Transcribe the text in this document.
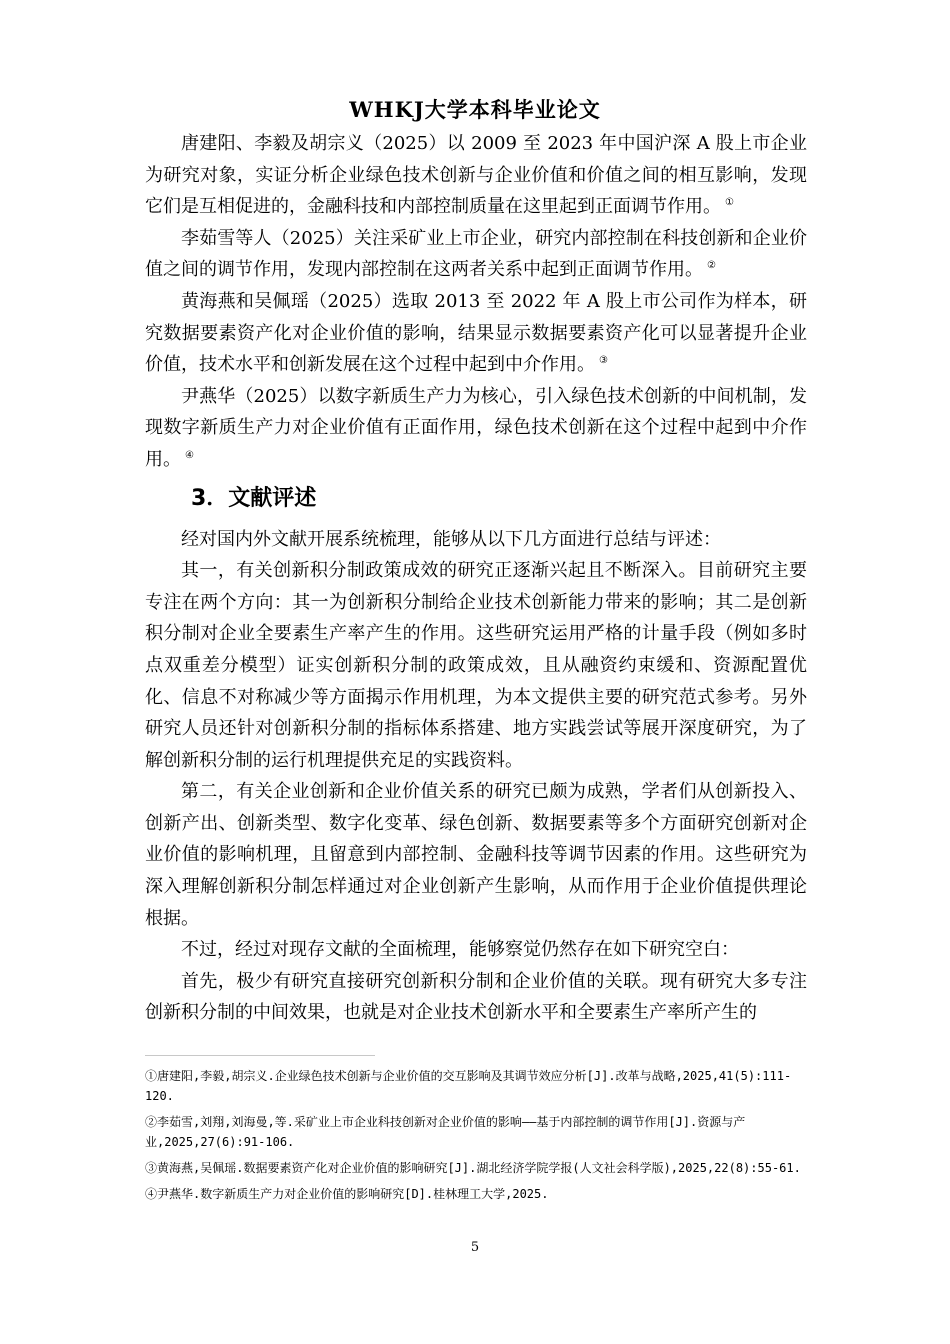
WHKJ大学本科毕业论文

唐建阳、李毅及胡宗义（2025）以 2009 至 2023 年中国沪深 A 股上市企业为研究对象，实证分析企业绿色技术创新与企业价值和价值之间的相互影响，发现它们是互相促进的，金融科技和内部控制质量在这里起到正面调节作用。 ①

李茹雪等人（2025）关注采矿业上市企业，研究内部控制在科技创新和企业价值之间的调节作用，发现内部控制在这两者关系中起到正面调节作用。 ②

黄海燕和吴佩瑶（2025）选取 2013 至 2022 年 A 股上市公司作为样本，研究数据要素资产化对企业价值的影响，结果显示数据要素资产化可以显著提升企业价值，技术水平和创新发展在这个过程中起到中介作用。 ③

尹燕华（2025）以数字新质生产力为核心，引入绿色技术创新的中间机制，发现数字新质生产力对企业价值有正面作用，绿色技术创新在这个过程中起到中介作用。 ④

3．文献评述

经对国内外文献开展系统梳理，能够从以下几方面进行总结与评述：

其一，有关创新积分制政策成效的研究正逐渐兴起且不断深入。目前研究主要专注在两个方向：其一为创新积分制给企业技术创新能力带来的影响；其二是创新积分制对企业全要素生产率产生的作用。这些研究运用严格的计量手段（例如多时点双重差分模型）证实创新积分制的政策成效，且从融资约束缓和、资源配置优化、信息不对称减少等方面揭示作用机理，为本文提供主要的研究范式参考。另外研究人员还针对创新积分制的指标体系搭建、地方实践尝试等展开深度研究，为了解创新积分制的运行机理提供充足的实践资料。

第二，有关企业创新和企业价值关系的研究已颇为成熟，学者们从创新投入、创新产出、创新类型、数字化变革、绿色创新、数据要素等多个方面研究创新对企业价值的影响机理，且留意到内部控制、金融科技等调节因素的作用。这些研究为深入理解创新积分制怎样通过对企业创新产生影响，从而作用于企业价值提供理论根据。

不过，经过对现存文献的全面梳理，能够察觉仍然存在如下研究空白：

首先，极少有研究直接研究创新积分制和企业价值的关联。现有研究大多专注创新积分制的中间效果，也就是对企业技术创新水平和全要素生产率所产生的

①唐建阳,李毅,胡宗义.企业绿色技术创新与企业价值的交互影响及其调节效应分析[J].改革与战略,2025,41(5):111-120.

②李茹雪,刘翔,刘海曼,等.采矿业上市企业科技创新对企业价值的影响——基于内部控制的调节作用[J].资源与产业,2025,27(6):91-106.

③黄海燕,吴佩瑶.数据要素资产化对企业价值的影响研究[J].湖北经济学院学报(人文社会科学版),2025,22(8):55-61.

④尹燕华.数字新质生产力对企业价值的影响研究[D].桂林理工大学,2025.

5
